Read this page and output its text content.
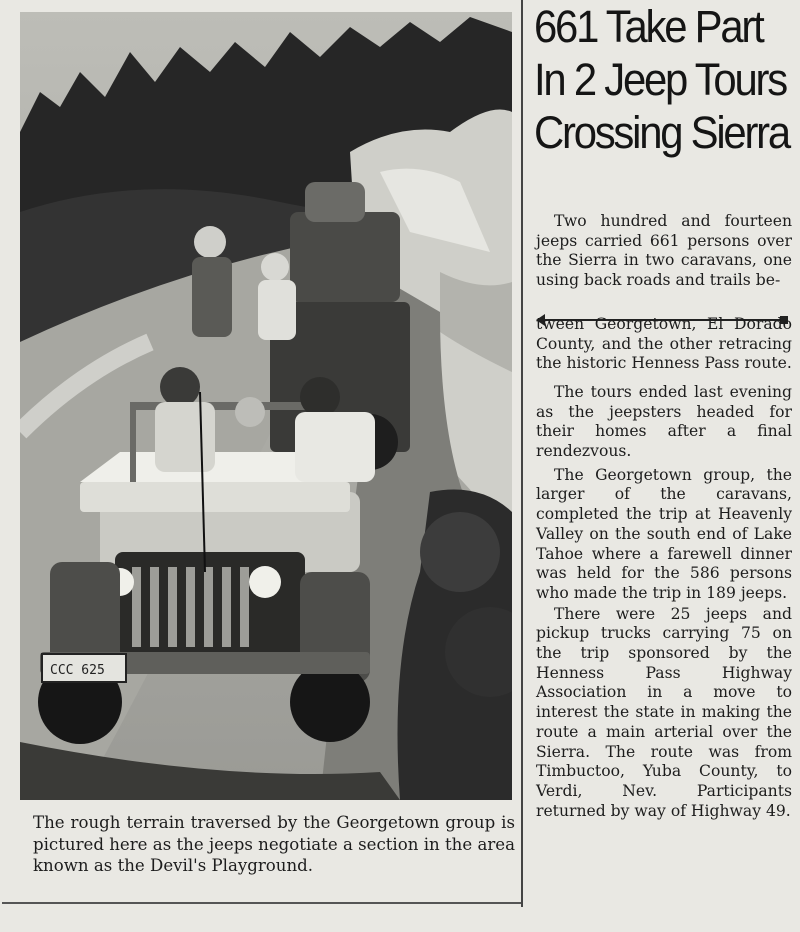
CCC 625
The rough terrain traversed by the Georgetown group is pictured here as the jeeps negotiate a section in the area known as the Devil's Playground.
661 Take Part
In 2 Jeep Tours
Crossing Sierra

Two hundred and fourteen jeeps carried 661 persons over the Sierra in two caravans, one using back roads and trails be-

tween Georgetown, El Dorado County, and the other retracing the historic Henness Pass route.

The tours ended last evening as the jeepsters headed for their homes after a final rendezvous.

The Georgetown group, the larger of the caravans, completed the trip at Heavenly Valley on the south end of Lake Tahoe where a farewell dinner was held for the 586 persons who made the trip in 189 jeeps.

There were 25 jeeps and pickup trucks carrying 75 on the trip sponsored by the Henness Pass Highway Association in a move to interest the state in making the route a main arterial over the Sierra. The route was from Timbuctoo, Yuba County, to Verdi, Nev. Participants returned by way of Highway 49.
